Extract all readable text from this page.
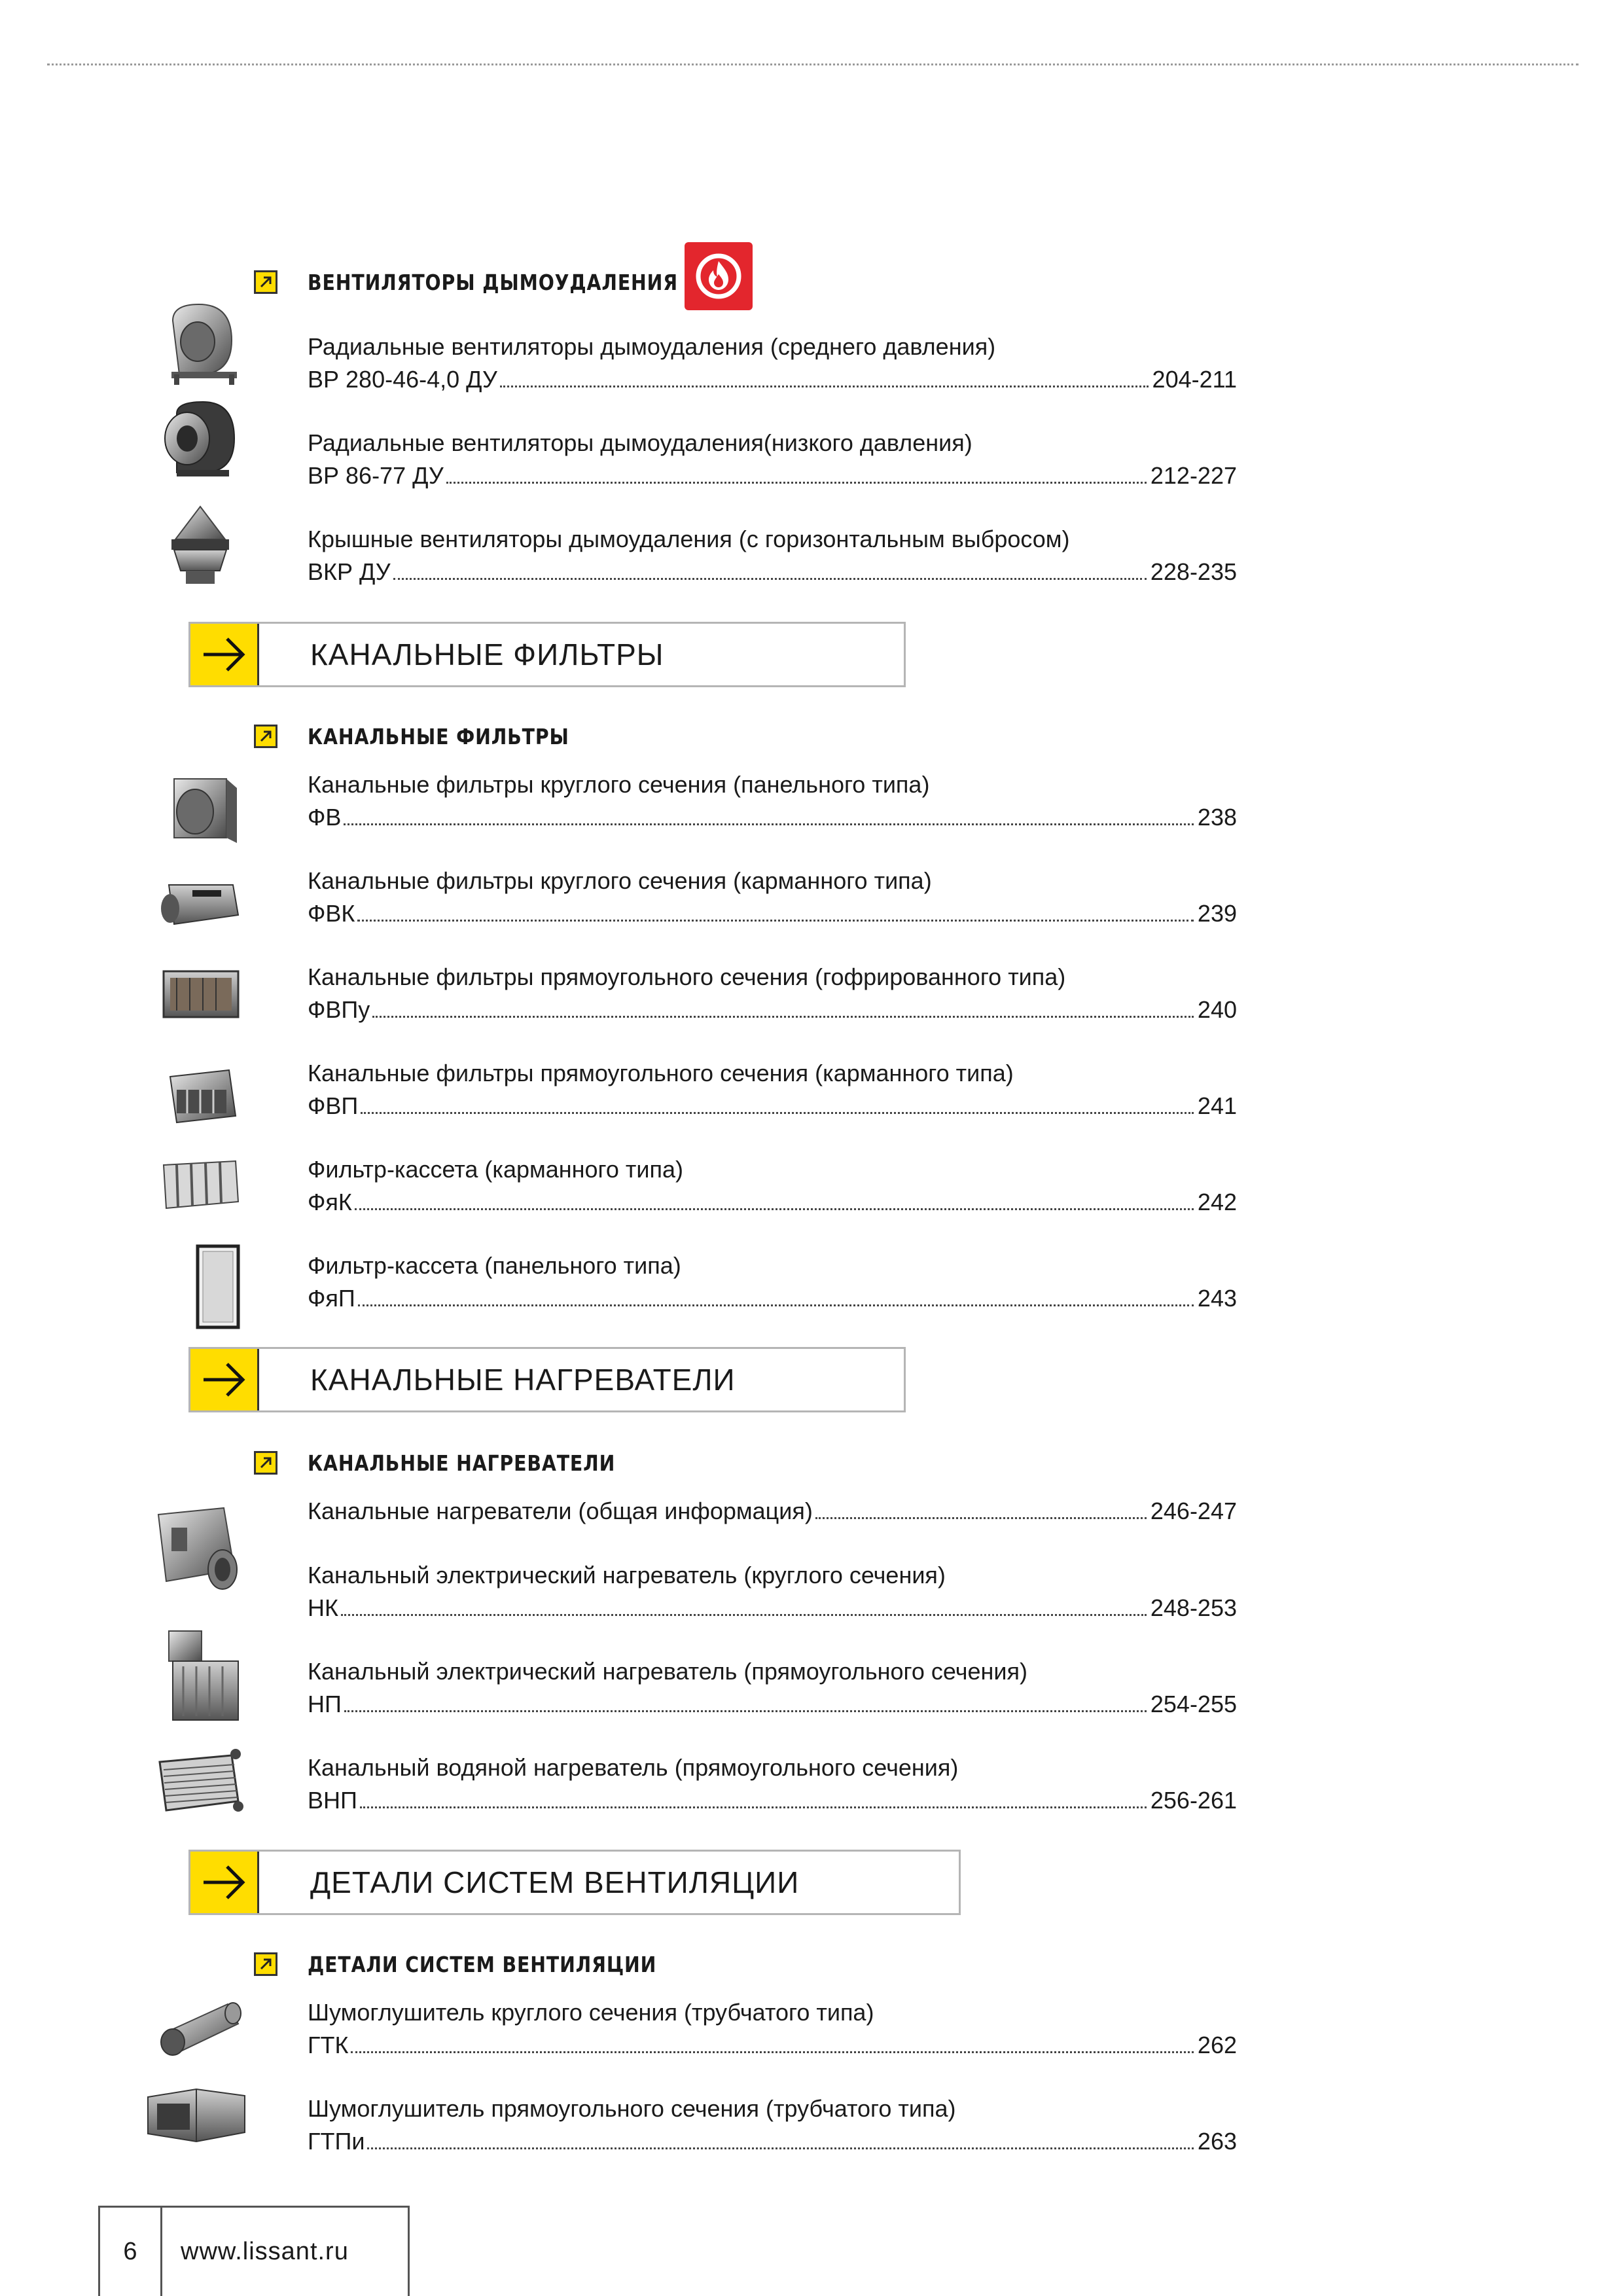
ВЕНТИЛЯТОРЫ ДЫМОУДАЛЕНИЯ
Радиальные вентиляторы дымоудаления (среднего давления)
ВР 280-46-4,0 ДУ	204-211
Радиальные вентиляторы дымоудаления(низкого давления)
ВР 86-77 ДУ	212-227
Крышные вентиляторы дымоудаления (с горизонтальным выбросом)
ВКР ДУ	228-235
КАНАЛЬНЫЕ ФИЛЬТРЫ
КАНАЛЬНЫЕ ФИЛЬТРЫ
Канальные фильтры круглого сечения (панельного типа)
ФВ	238
Канальные фильтры круглого сечения (карманного типа)
ФВК	239
Канальные фильтры прямоугольного сечения (гофрированного типа)
ФВПу	240
Канальные фильтры прямоугольного сечения (карманного типа)
ФВП	241
Фильтр-кассета (карманного типа)
ФяК	242
Фильтр-кассета (панельного типа)
ФяП	243
КАНАЛЬНЫЕ НАГРЕВАТЕЛИ
КАНАЛЬНЫЕ НАГРЕВАТЕЛИ
Канальные нагреватели (общая информация)	246-247
Канальный электрический нагреватель (круглого сечения)
НК	248-253
Канальный электрический нагреватель (прямоугольного сечения)
НП	254-255
Канальный водяной нагреватель (прямоугольного сечения)
ВНП	256-261
ДЕТАЛИ СИСТЕМ ВЕНТИЛЯЦИИ
ДЕТАЛИ СИСТЕМ ВЕНТИЛЯЦИИ
Шумоглушитель круглого сечения (трубчатого типа)
ГТК	262
Шумоглушитель прямоугольного сечения (трубчатого типа)
ГТПи	263
6	www.lissant.ru
